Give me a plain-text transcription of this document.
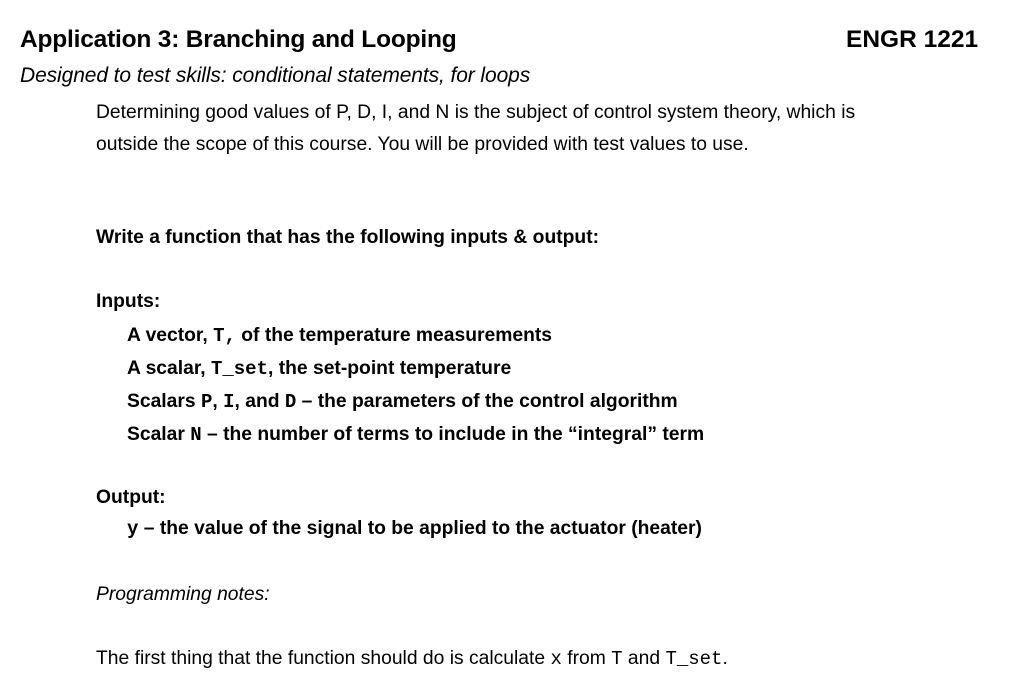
Application 3: Branching and Looping	ENGR 1221
Designed to test skills: conditional statements, for loops
Determining good values of P, D, I, and N is the subject of control system theory, which is
outside the scope of this course. You will be provided with test values to use.
Write a function that has the following inputs & output:
Inputs:
A vector, T, of the temperature measurements
A scalar, T_set, the set-point temperature
Scalars P, I, and D – the parameters of the control algorithm
Scalar N – the number of terms to include in the “integral” term
Output:
y – the value of the signal to be applied to the actuator (heater)
Programming notes:
The first thing that the function should do is calculate x from T and T_set.
